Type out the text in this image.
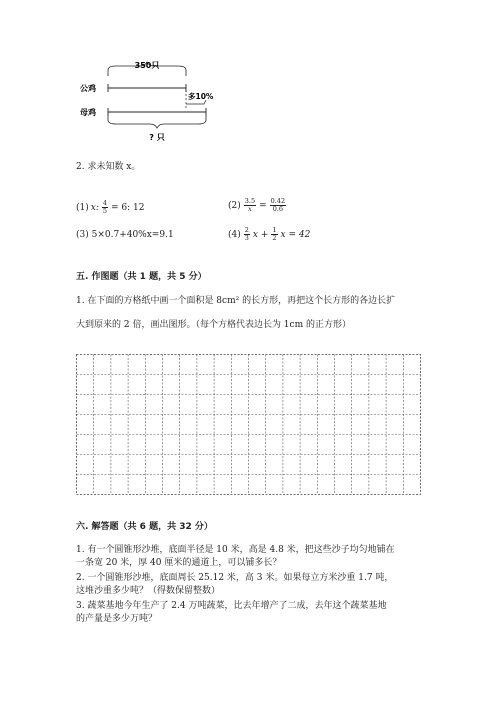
350只
公鸡
母鸡
多10%
? 只
2. 求未知数 x。
(1) x: $\frac{4}{5} = 6$: 12	$(2) \frac{3.5}{x} = \frac{0.42}{0.6}$
(3) 5×0.7+40%x=9.1	$(4) \frac{2}{3}$ $x + \frac{1}{2}$ x = 42
五. 作图题（共 1 题，共 5 分）
1. 在下面的方格纸中画一个面积是 8cm² 的长方形，再把这个长方形的各边长扩
大到原来的 2 倍，画出图形。（每个方格代表边长为 1cm 的正方形）
六. 解答题（共 6 题，共 32 分）
1. 有一个圆锥形沙堆，底面半径是 10 米，高是 4.8 米，把这些沙子均匀地铺在
一条宽 20 米，厚 40 厘米的通道上，可以铺多长？
2. 一个圆锥形沙堆，底面周长 25.12 米，高 3 米。如果每立方米沙重 1.7 吨，
这堆沙重多少吨？（得数保留整数）
3. 蔬菜基地今年生产了 2.4 万吨蔬菜，比去年增产了二成，去年这个蔬菜基地
的产量是多少万吨？
